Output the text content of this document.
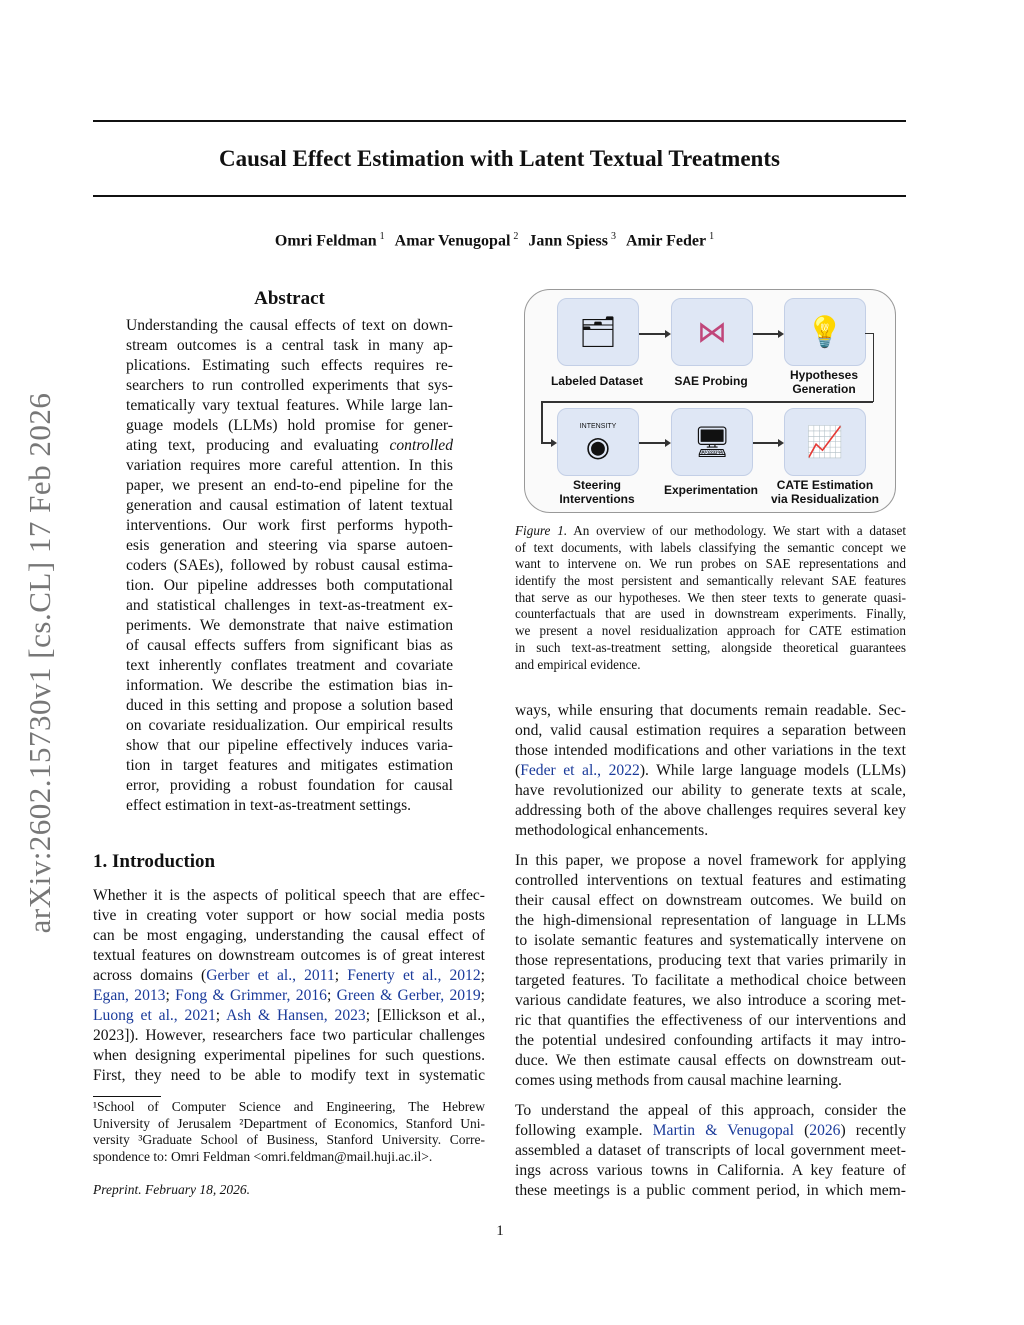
arXiv:2602.15730v1 [cs.CL] 17 Feb 2026
Causal Effect Estimation with Latent Textual Treatments
Omri Feldman $^1$ Amar Venugopal $^2$ Jann Spiess $^3$ Amir Feder $^1$
Abstract
Understanding the causal effects of text on down-
stream outcomes is a central task in many ap-
plications. Estimating such effects requires re-
searchers to run controlled experiments that sys-
tematically vary textual features. While large lan-
guage models (LLMs) hold promise for gener-
ating text, producing and evaluating controlled
variation requires more careful attention. In this
paper, we present an end-to-end pipeline for the
generation and causal estimation of latent textual
interventions. Our work first performs hypoth-
esis generation and steering via sparse autoen-
coders (SAEs), followed by robust causal estima-
tion. Our pipeline addresses both computational
and statistical challenges in text-as-treatment ex-
periments. We demonstrate that naive estimation
of causal effects suffers from significant bias as
text inherently conflates treatment and covariate
information. We describe the estimation bias in-
duced in this setting and propose a solution based
on covariate residualization. Our empirical results
show that our pipeline effectively induces varia-
tion in target features and mitigates estimation
error, providing a robust foundation for causal
effect estimation in text-as-treatment settings.
1. Introduction
Whether it is the aspects of political speech that are effec-
tive in creating voter support or how social media posts
can be most engaging, understanding the causal effect of
textual features on downstream outcomes is of great interest
across domains (Gerber et al., 2011; Fenerty et al., 2012;
Egan, 2013; Fong & Grimmer, 2016; Green & Gerber, 2019;
Luong et al., 2021; Ash & Hansen, 2023; [Ellickson et al.,
2023]). However, researchers face two particular challenges
when designing experimental pipelines for such questions.
First, they need to be able to modify text in systematic
¹School of Computer Science and Engineering, The Hebrew
University of Jerusalem ²Department of Economics, Stanford Uni-
versity ³Graduate School of Business, Stanford University. Corre-
spondence to: Omri Feldman <omri.feldman@mail.huji.ac.il>.
Preprint. February 18, 2026.
🗂	⋈	💡
INTENSITY
◉	🖥	📈
Labeled Dataset	SAE Probing	Hypotheses Generation
Steering Interventions
Experimentation	CATE Estimation via Residualization
Figure 1. An overview of our methodology. We start with a dataset
of text documents, with labels classifying the semantic concept we
want to intervene on. We run probes on SAE representations and
identify the most persistent and semantically relevant SAE features
that serve as our hypotheses. We then steer texts to generate quasi-
counterfactuals that are used in downstream experiments. Finally,
we present a novel residualization approach for CATE estimation
in such text-as-treatment setting, alongside theoretical guarantees
and empirical evidence.
ways, while ensuring that documents remain readable. Sec-
ond, valid causal estimation requires a separation between
those intended modifications and other variations in the text
(Feder et al., 2022). While large language models (LLMs)
have revolutionized our ability to generate texts at scale,
addressing both of the above challenges requires several key
methodological enhancements.
In this paper, we propose a novel framework for applying
controlled interventions on textual features and estimating
their causal effect on downstream outcomes. We build on
the high-dimensional representation of language in LLMs
to isolate semantic features and systematically intervene on
those representations, producing text that varies primarily in
targeted features. To facilitate a methodical choice between
various candidate features, we also introduce a scoring met-
ric that quantifies the effectiveness of our interventions and
the potential undesired confounding artifacts it may intro-
duce. We then estimate causal effects on downstream out-
comes using methods from causal machine learning.
To understand the appeal of this approach, consider the
following example. Martin & Venugopal (2026) recently
assembled a dataset of transcripts of local government meet-
ings across various towns in California. A key feature of
these meetings is a public comment period, in which mem-
1
